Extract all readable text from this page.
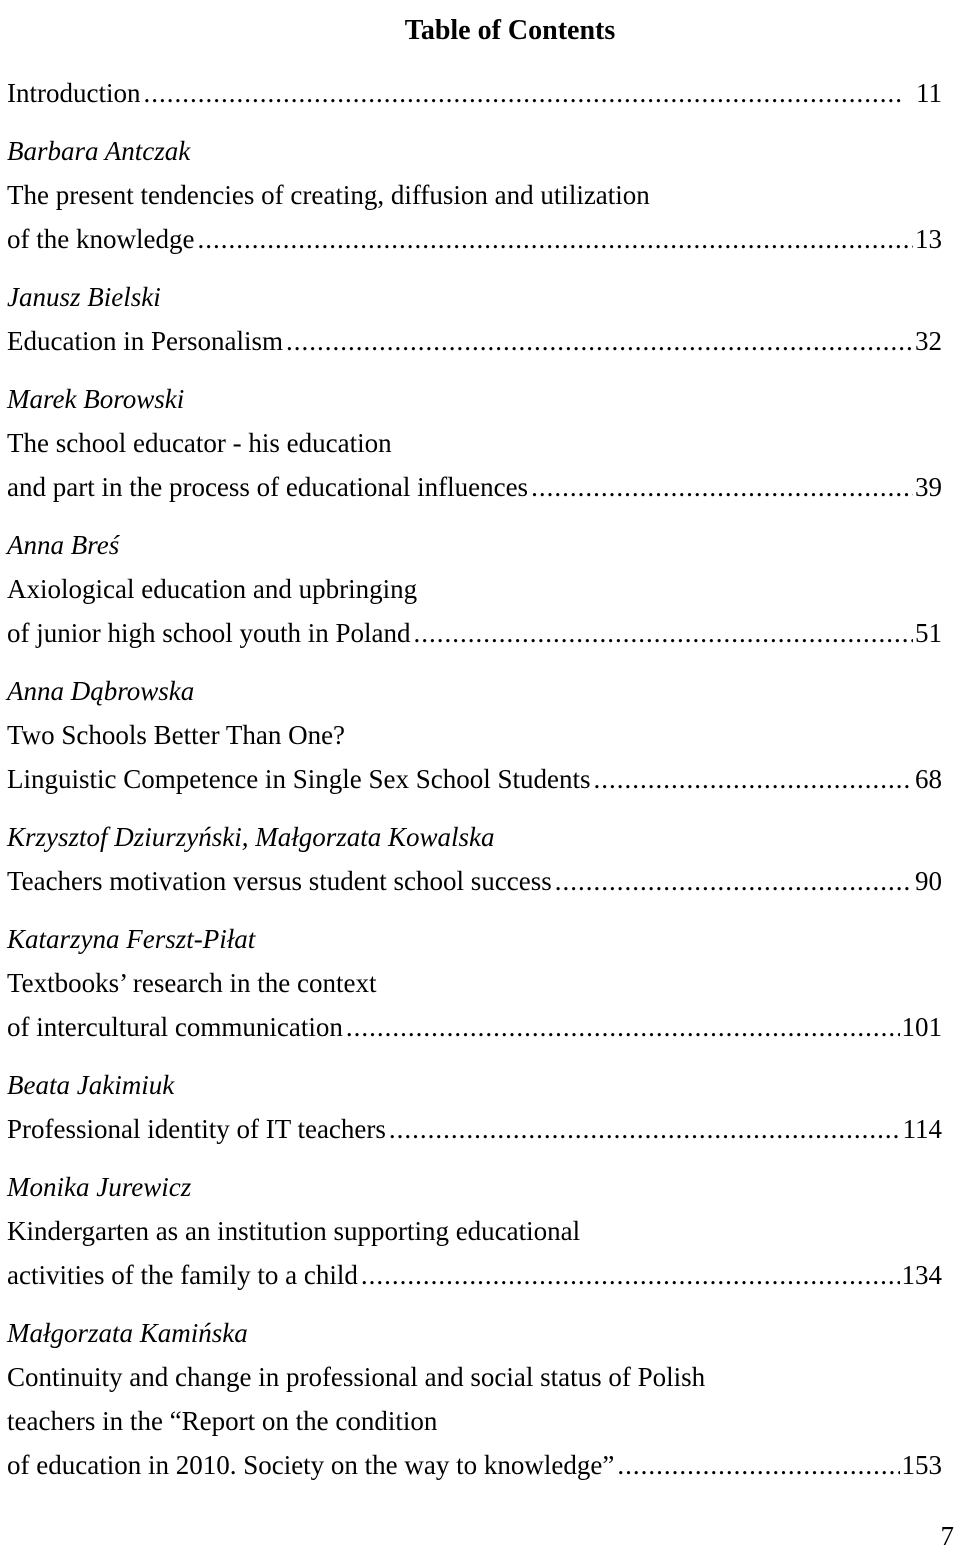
Table of Contents
Introduction .....	11
Barbara Antczak
The present tendencies of creating, diffusion and utilization
of the knowledge .....	13
Janusz Bielski
Education in Personalism .....	32
Marek Borowski
The school educator - his education
and part in the process of educational influences .....	39
Anna Breś
Axiological education and upbringing
of junior high school youth in Poland .....	51
Anna Dąbrowska
Two Schools Better Than One?
Linguistic Competence in Single Sex School Students .....	68
Krzysztof Dziurzyński, Małgorzata Kowalska
Teachers motivation versus student school success .....	90
Katarzyna Ferszt-Piłat
Textbooks’ research in the context
of intercultural communication .....	101
Beata Jakimiuk
Professional identity of IT teachers .....	114
Monika Jurewicz
Kindergarten as an institution supporting educational
activities of the family to a child .....	134
Małgorzata Kamińska
Continuity and change in professional and social status of Polish
teachers in the “Report on the condition
of education in 2010. Society on the way to knowledge” .....	153
7
